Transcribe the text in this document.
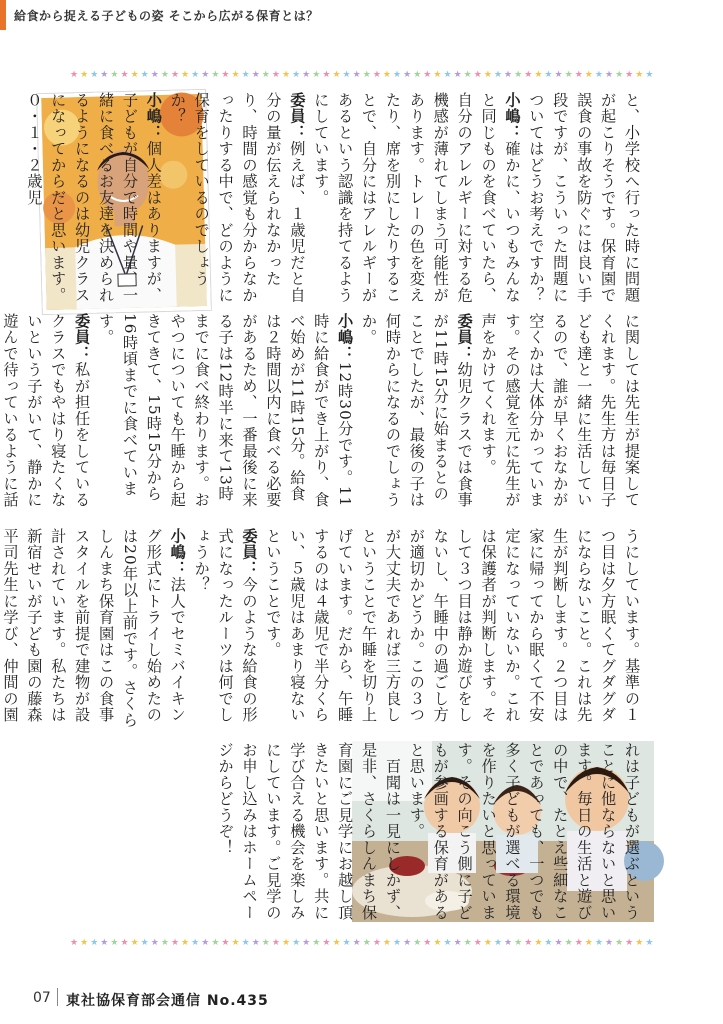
給食から捉える子どもの姿 そこから広がる保育とは？
★ ★ ★ ★ ★ ★ ★ ★ ★ ★ ★ ★ ★ ★ ★ ★ ★ ★ ★ ★ ★ ★ ★ ★ ★ ★ ★ ★ ★ ★ ★ ★ ★ ★ ★ ★ ★ ★ ★ ★ ★ ★ ★ ★ ★ ★ ★ ★ ★ ★ ★ ★ ★ ★ ★ ★ ★ ★
★ ★ ★ ★ ★ ★ ★ ★ ★ ★ ★ ★ ★ ★ ★ ★ ★ ★ ★ ★ ★ ★ ★ ★ ★ ★ ★ ★ ★ ★ ★ ★ ★ ★ ★ ★ ★ ★ ★ ★ ★ ★ ★ ★ ★ ★ ★ ★ ★ ★ ★ ★ ★ ★ ★ ★ ★ ★

と、小学校へ行った時に問題が起こりそうです。保育園で誤食の事故を防ぐには良い手段ですが、こういった問題についてはどうお考えですか？

小嶋：確かに、いつもみんなと同じものを食べていたら、自分のアレルギーに対する危機感が薄れてしまう可能性があります。トレーの色を変えたり、席を別にしたりすることで、自分にはアレルギーがあるという認識を持てるようにしています。

委員：例えば、１歳児だと自分の量が伝えられなかったり、時間の感覚も分からなかったりする中で、どのように保育をしているのでしょうか？

小嶋：個人差はありますが、子どもが自分で時間や量、一緒に食べるお友達を決められるようになるのは幼児クラスになってからだと思います。０・１・２歳児

に関しては先生が提案してくれます。先生方は毎日子ども達と一緒に生活しているので、誰が早くおなかが空くかは大体分かっています。その感覚を元に先生が声をかけてくれます。

委員：幼児クラスでは食事が11時15分に始まるとのことでしたが、最後の子は何時からになるのでしょうか。

小嶋：12時30分です。11時に給食ができ上がり、食べ始めが11時15分。給食は２時間以内に食べる必要があるため、一番最後に来る子は12時半に来て13時までに食べ終わります。おやつについても午睡から起きてきて、15時15分から16時頃までに食べています。

委員：私が担任をしているクラスでもやはり寝たくないという子がいて、静かに遊んで待っているように話

うにしています。基準の１つ目は夕方眠くてグダグダにならないこと。これは先生が判断します。２つ目は家に帰ってから眠くて不安定になっていないか。これは保護者が判断します。そして３つ目は静か遊びをしないし、午睡中の過ごし方が適切かどうか。この３つが大丈夫であれば三方良しということで午睡を切り上げています。だから、午睡するのは４歳児で半分くらい、５歳児はあまり寝ないということです。

委員：今のような給食の形式になったルーツは何でしょうか？

小嶋：法人でセミバイキング形式にトライし始めたのは20年以上前です。さくらしんまち保育園はこの食事スタイルを前提で建物が設計されています。私たちは新宿せいが子ども園の藤森平司先生に学び、仲間の園

れは子どもが選ぶということに他ならないと思います。毎日の生活と遊びの中で、たとえ些細なことであっても、一つでも多く子どもが選べる環境を作りたいと思っています。その向こう側に子どもが参画する保育があると思います。

　百聞は一見にしかず、是非、さくらしんまち保育園にご見学にお越し頂きたいと思います。共に学び合える機会を楽しみにしています。ご見学のお申し込みはホームページからどうぞ！

07 東社協保育部会通信 No.435
